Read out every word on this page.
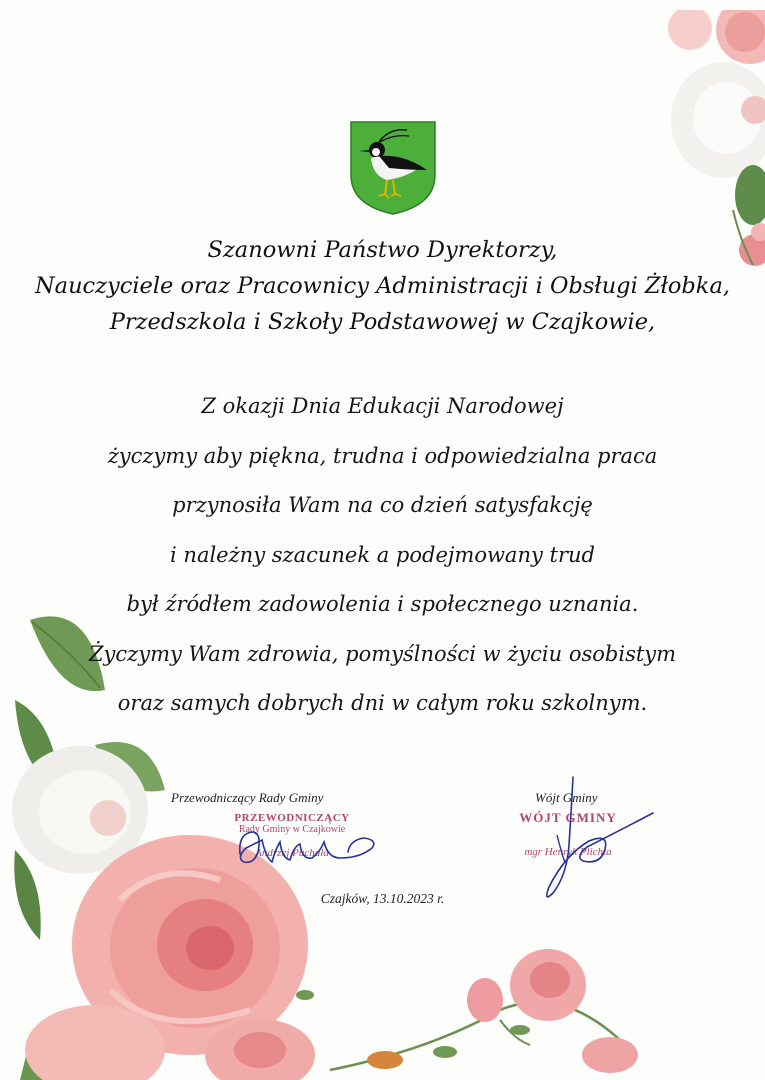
Szanowni Państwo Dyrektorzy,
Nauczyciele oraz Pracownicy Administracji i Obsługi Żłobka,
Przedszkola i Szkoły Podstawowej w Czajkowie,
Z okazji Dnia Edukacji Narodowej
życzymy aby piękna, trudna i odpowiedzialna praca
przynosiła Wam na co dzień satysfakcję
i należny szacunek a podejmowany trud
był źródłem zadowolenia i społecznego uznania.
Życzymy Wam zdrowia, pomyślności w życiu osobistym
oraz samych dobrych dni w całym roku szkolnym.
Przewodniczący Rady Gminy
PRZEWODNICZĄCY
Rady Gminy w Czajkowie
Andrzej Puchała
Wójt Gminy
WÓJT GMINY
mgr Henryk Plichta
Czajków, 13.10.2023 r.
